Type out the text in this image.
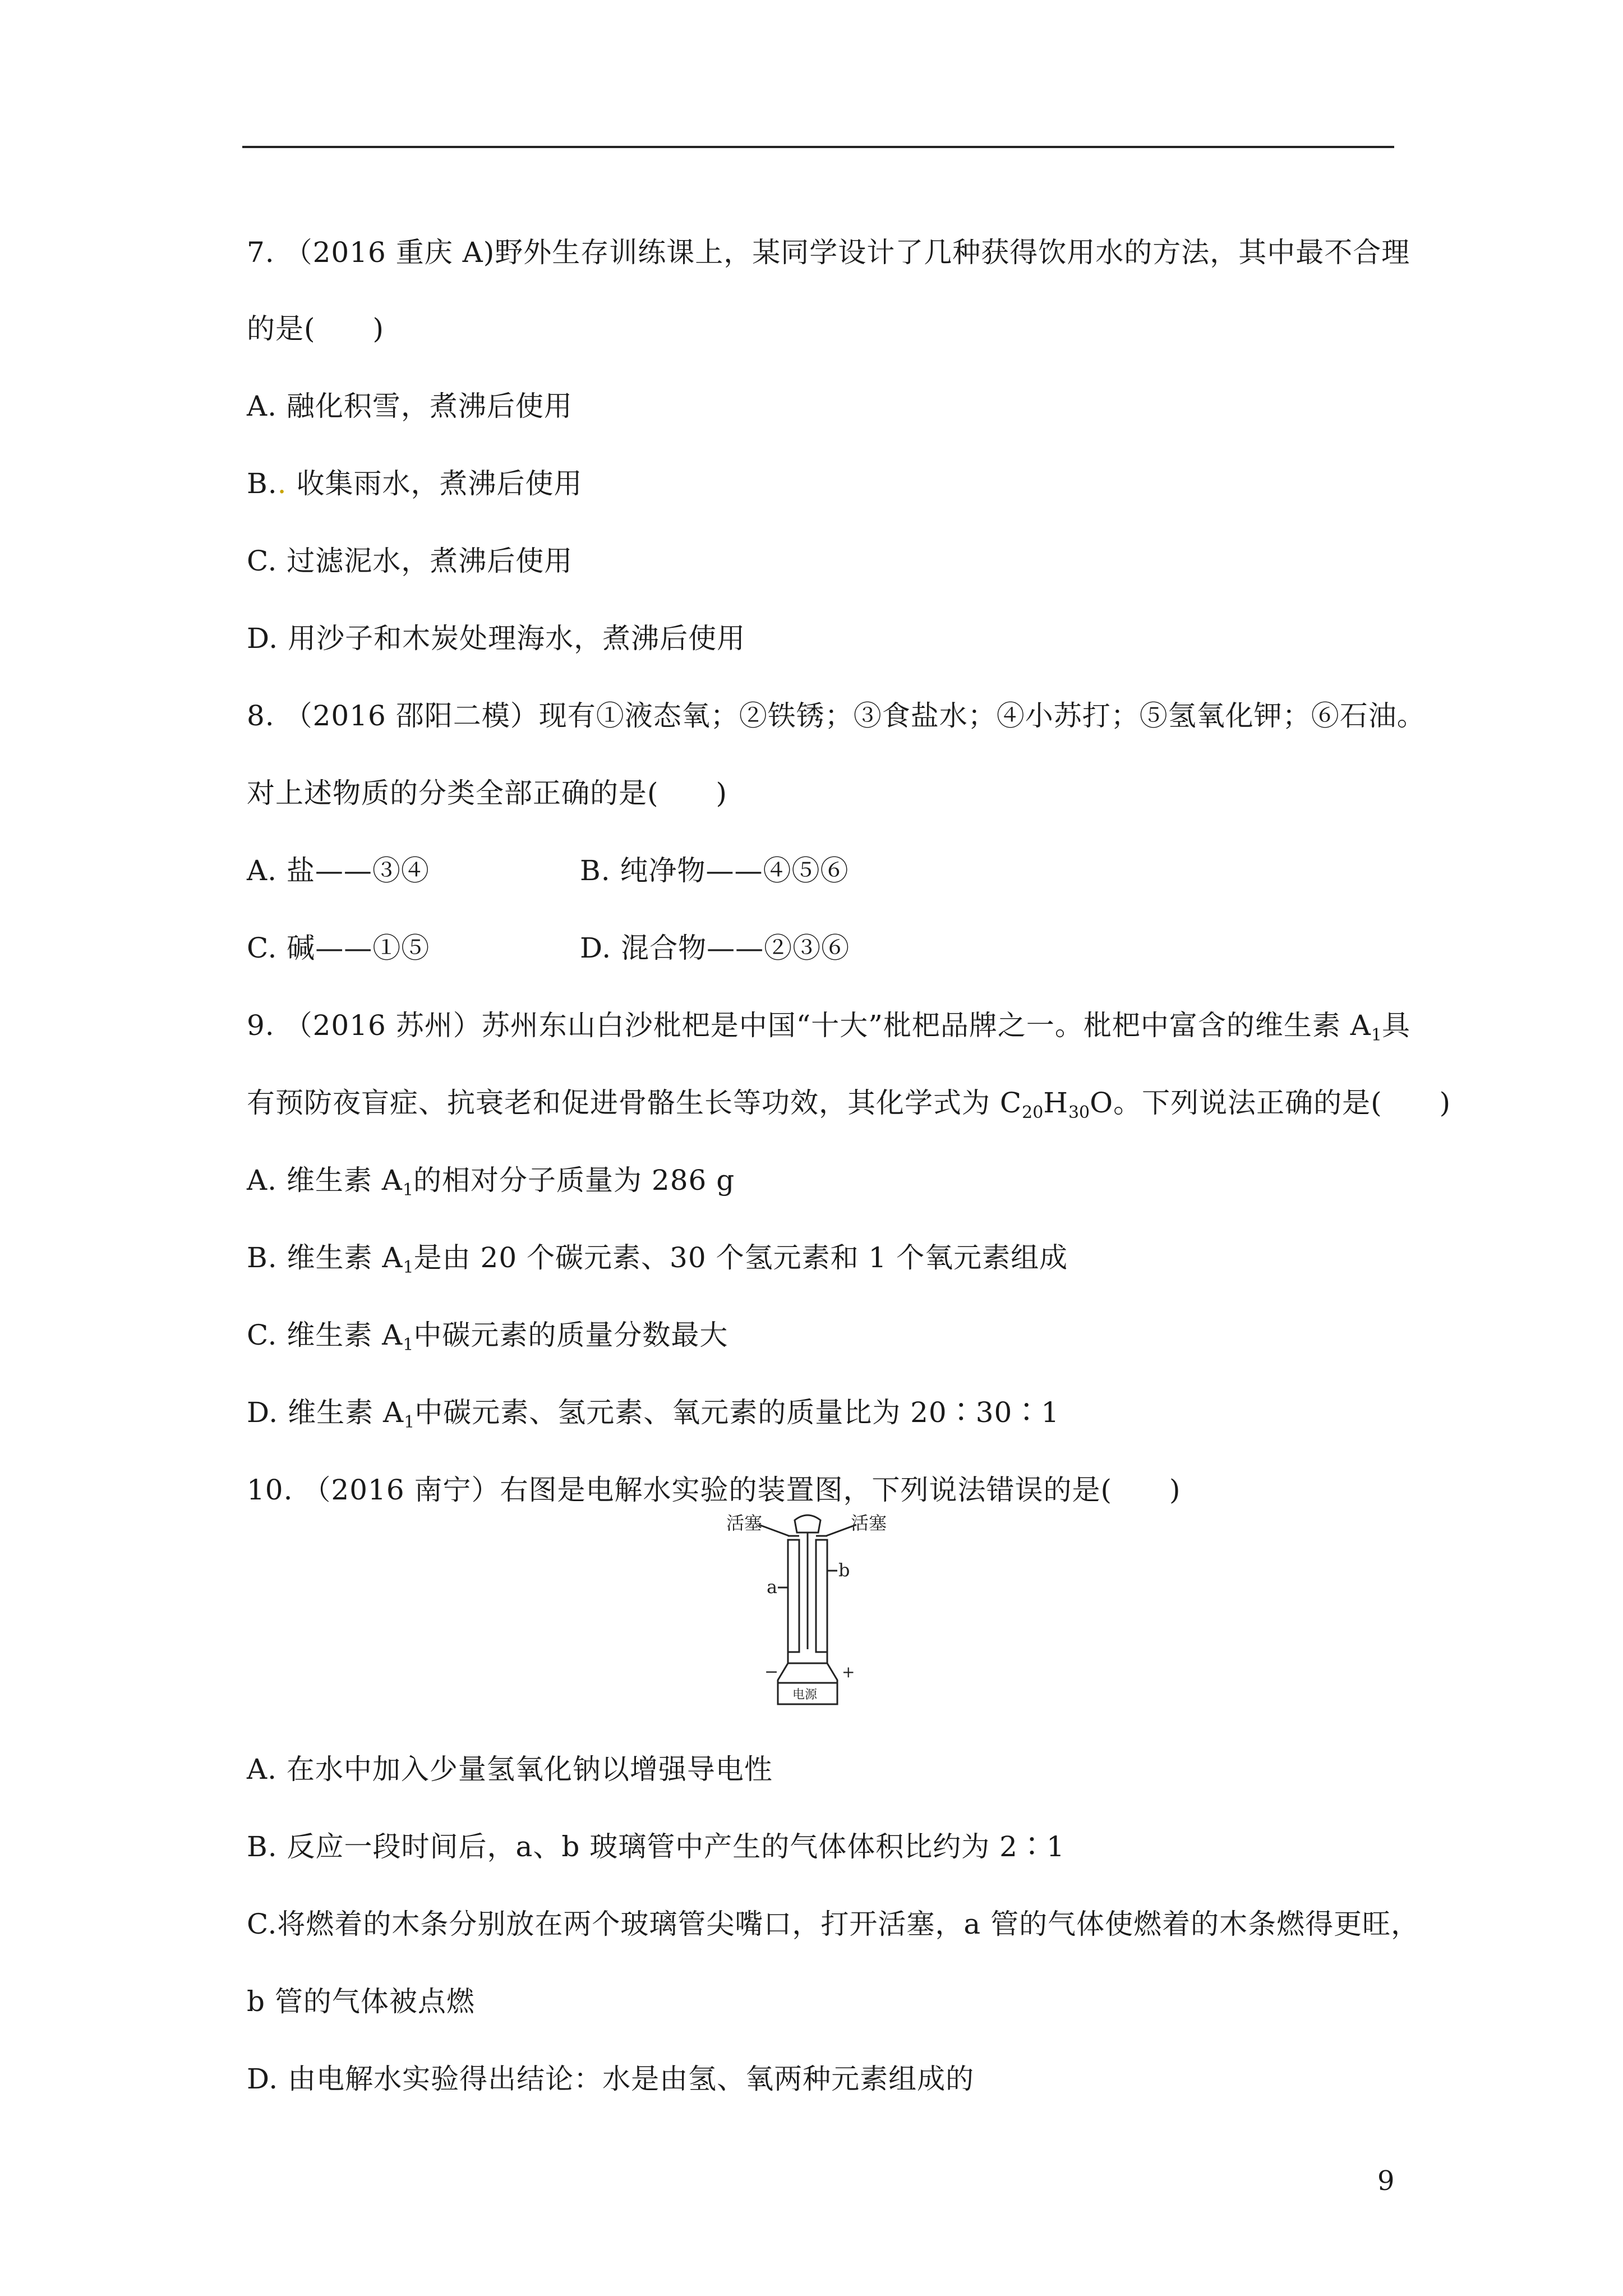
7. （2016 重庆 A)野外生存训练课上，某同学设计了几种获得饮用水的方法，其中最不合理
的是(　　)
A. 融化积雪，煮沸后使用
B.. 收集雨水，煮沸后使用
C. 过滤泥水，煮沸后使用
D. 用沙子和木炭处理海水，煮沸后使用
8. （2016 邵阳二模）现有①液态氧；②铁锈；③食盐水；④小苏打；⑤氢氧化钾；⑥石油。
对上述物质的分类全部正确的是(　　)
A. 盐——③④	B. 纯净物——④⑤⑥
C. 碱——①⑤	D. 混合物——②③⑥
9. （2016 苏州）苏州东山白沙枇杷是中国“十大”枇杷品牌之一。枇杷中富含的维生素 $A_1$具
有预防夜盲症、抗衰老和促进骨骼生长等功效，其化学式为 $C_{20}H_{30}O$。下列说法正确的是(　　)
A. 维生素 $A_1$的相对分子质量为 286 g
B. 维生素 $A_1$是由 20 个碳元素、30 个氢元素和 1 个氧元素组成
C. 维生素 $A_1$中碳元素的质量分数最大
D. 维生素 $A_1$中碳元素、氢元素、氧元素的质量比为 20∶30∶1
10. （2016 南宁）右图是电解水实验的装置图，下列说法错误的是(　　)
活塞	活塞
a
b
−	+
电源
A. 在水中加入少量氢氧化钠以增强导电性
B. 反应一段时间后，a、b 玻璃管中产生的气体体积比约为 2∶1
C.将燃着的木条分别放在两个玻璃管尖嘴口，打开活塞，a 管的气体使燃着的木条燃得更旺，
b 管的气体被点燃
D. 由电解水实验得出结论：水是由氢、氧两种元素组成的
9
